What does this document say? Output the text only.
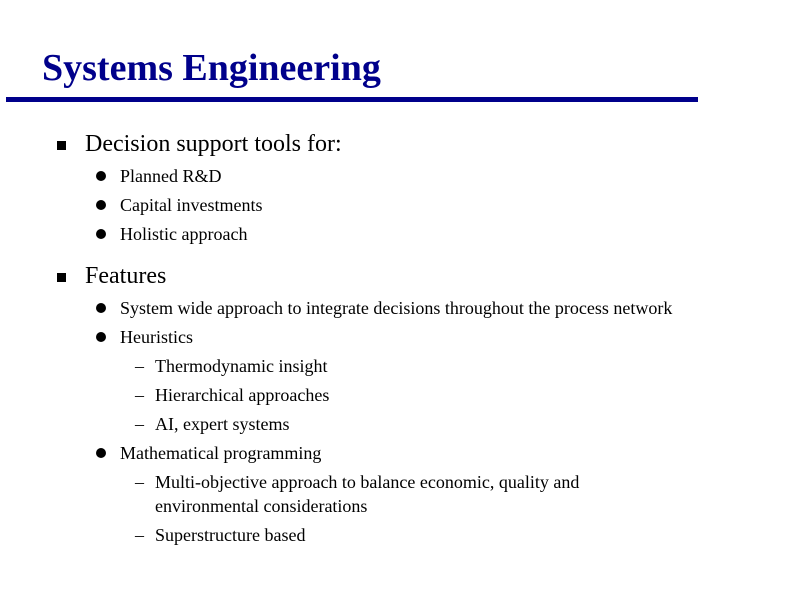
Systems Engineering
Decision support tools for:
Planned R&D
Capital investments
Holistic approach
Features
System wide approach to integrate decisions throughout the process network
Heuristics
– Thermodynamic insight
– Hierarchical approaches
– AI, expert systems
Mathematical programming
– Multi-objective approach to balance economic, quality and environmental considerations
– Superstructure based
